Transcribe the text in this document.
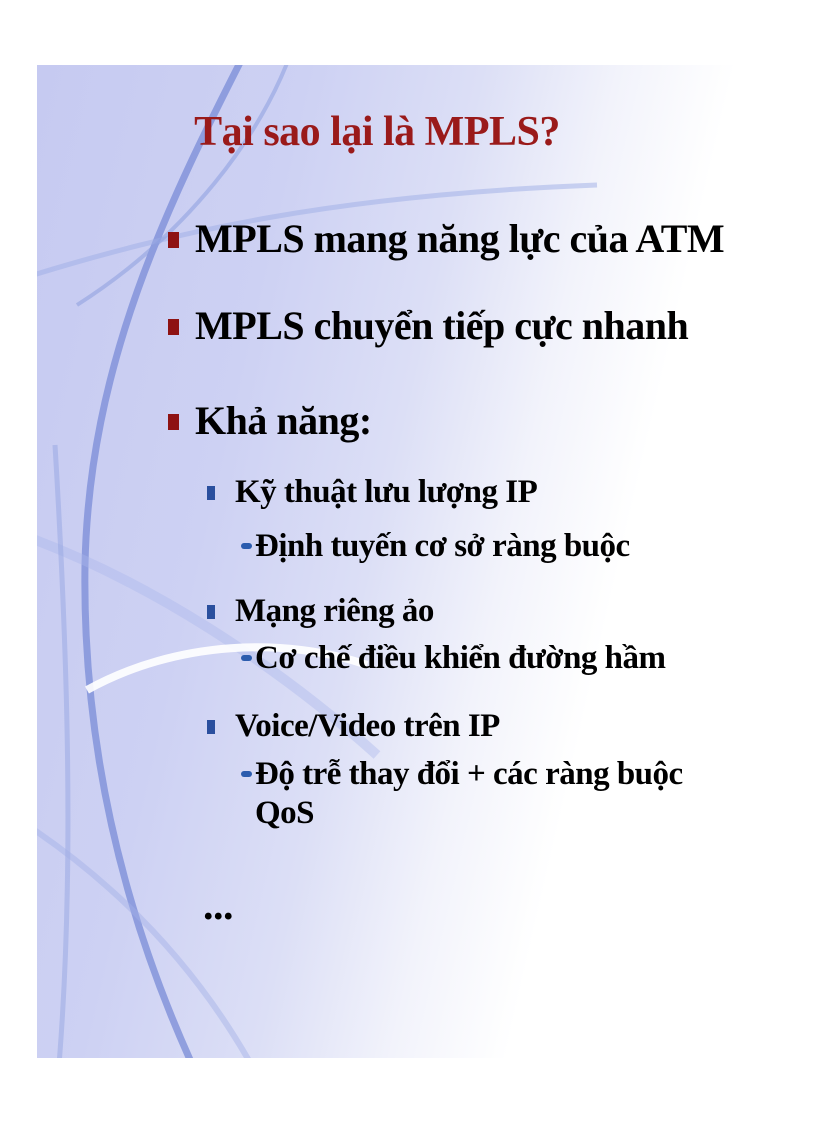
Tại sao lại là MPLS?
MPLS mang năng lực của ATM
MPLS chuyển tiếp cực nhanh
Khả năng:
Kỹ thuật lưu lượng IP
Định tuyến cơ sở ràng buộc
Mạng riêng ảo
Cơ chế điều khiển đường hầm
Voice/Video trên IP
Độ trễ thay đổi + các ràng buộc QoS
...
